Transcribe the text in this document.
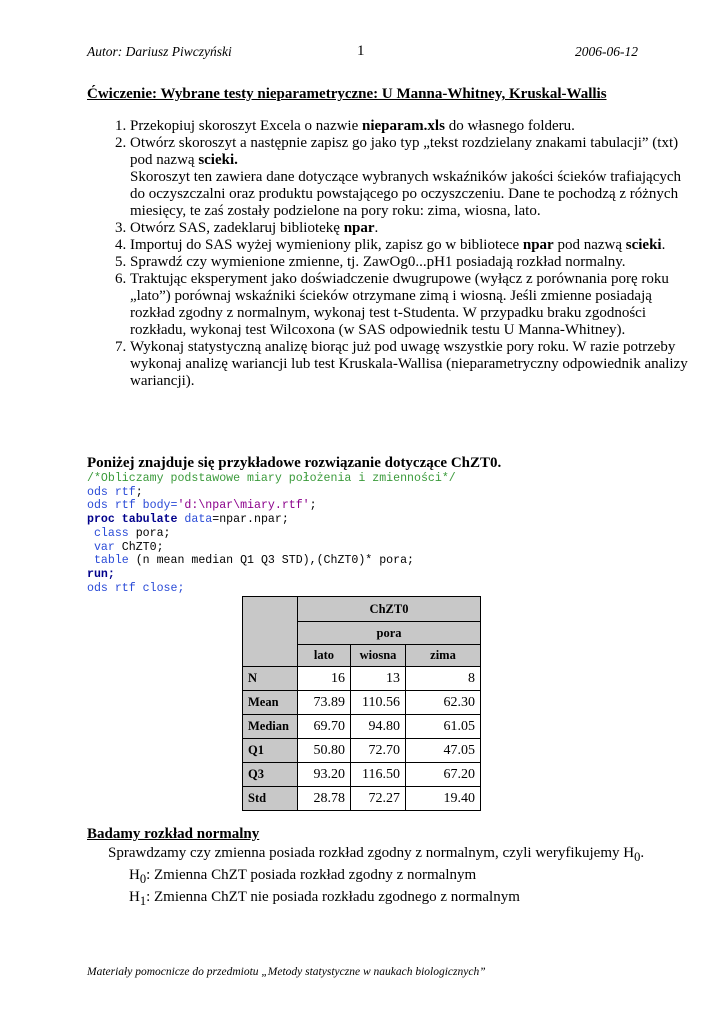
Autor: Dariusz Piwczyński	1	2006-06-12
Ćwiczenie: Wybrane testy nieparametryczne: U Manna-Whitney, Kruskal-Wallis
1. Przekopiuj skoroszyt Excela o nazwie nieparam.xls do własnego folderu.
2. Otwórz skoroszyt a następnie zapisz go jako typ „tekst rozdzielany znakami tabulacji” (txt) pod nazwą scieki.
Skoroszyt ten zawiera dane dotyczące wybranych wskaźników jakości ścieków trafiających do oczyszczalni oraz produktu powstającego po oczyszczeniu. Dane te pochodzą z różnych miesięcy, te zaś zostały podzielone na pory roku: zima, wiosna, lato.
3. Otwórz SAS, zadeklaruj bibliotekę npar.
4. Importuj do SAS wyżej wymieniony plik, zapisz go w bibliotece npar pod nazwą scieki.
5. Sprawdź czy wymienione zmienne, tj. ZawOg0...pH1 posiadają rozkład normalny.
6. Traktując eksperyment jako doświadczenie dwugrupowe (wyłącz z porównania porę roku „lato”) porównaj wskaźniki ścieków otrzymane zimą i wiosną. Jeśli zmienne posiadają rozkład zgodny z normalnym, wykonaj test t-Studenta. W przypadku braku zgodności rozkładu, wykonaj test Wilcoxona (w SAS odpowiednik testu U Manna-Whitney).
7. Wykonaj statystyczną analizę biorąc już pod uwagę wszystkie pory roku. W razie potrzeby wykonaj analizę wariancji lub test Kruskala-Wallisa (nieparametryczny odpowiednik analizy wariancji).
Poniżej znajduje się przykładowe rozwiązanie dotyczące ChZT0.
/*Obliczamy podstawowe miary położenia i zmienności*/
ods rtf;
ods rtf body='d:\npar\miary.rtf';
proc tabulate data=npar.npar;
class pora;
var ChZT0;
table (n mean median Q1 Q3 STD),(ChZT0)* pora;
run;
ods rtf close;
	ChZT0		
	pora		
	lato	wiosna	zima
N	16	13	8
Mean	73.89	110.56	62.30
Median	69.70	94.80	61.05
Q1	50.80	72.70	47.05
Q3	93.20	116.50	67.20
Std	28.78	72.27	19.40
Badamy rozkład normalny
Sprawdzamy czy zmienna posiada rozkład zgodny z normalnym, czyli weryfikujemy $H_0$.
$H_0$: Zmienna ChZT posiada rozkład zgodny z normalnym
$H_1$: Zmienna ChZT nie posiada rozkładu zgodnego z normalnym
Materiały pomocnicze do przedmiotu „Metody statystyczne w naukach biologicznych”
